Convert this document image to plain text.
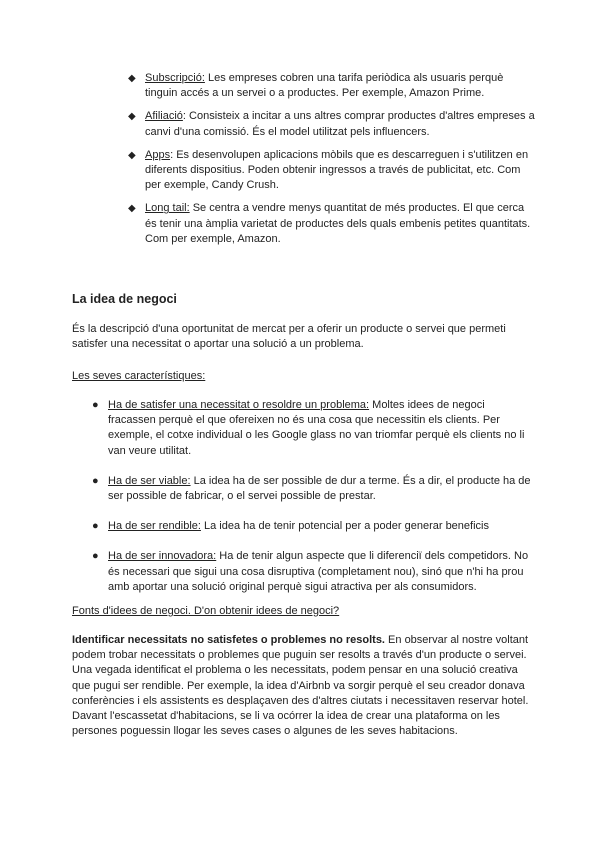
◆ Subscripció: Les empreses cobren una tarifa periòdica als usuaris perquè tinguin accés a un servei o a productes. Per exemple, Amazon Prime.
◆ Afiliació: Consisteix a incitar a uns altres comprar productes d'altres empreses a canvi d'una comissió. És el model utilitzat pels influencers.
◆ Apps: Es desenvolupen aplicacions mòbils que es descarreguen i s'utilitzen en diferents dispositius. Poden obtenir ingressos a través de publicitat, etc. Com per exemple, Candy Crush.
◆ Long tail: Se centra a vendre menys quantitat de més productes. El que cerca és tenir una àmplia varietat de productes dels quals embenis petites quantitats. Com per exemple, Amazon.
La idea de negoci
És la descripció d'una oportunitat de mercat per a oferir un producte o servei que permeti satisfer una necessitat o aportar una solució a un problema.
Les seves característiques:
● Ha de satisfer una necessitat o resoldre un problema: Moltes idees de negoci fracassen perquè el que ofereixen no és una cosa que necessitin els clients. Per exemple, el cotxe individual o les Google glass no van triomfar perquè els clients no li van veure utilitat.
● Ha de ser viable: La idea ha de ser possible de dur a terme. És a dir, el producte ha de ser possible de fabricar, o el servei possible de prestar.
● Ha de ser rendible: La idea ha de tenir potencial per a poder generar beneficis
● Ha de ser innovadora: Ha de tenir algun aspecte que li diferenciï dels competidors. No és necessari que sigui una cosa disruptiva (completament nou), sinó que n'hi ha prou amb aportar una solució original perquè sigui atractiva per als consumidors.
Fonts d'idees de negoci. D'on obtenir idees de negoci?
Identificar necessitats no satisfetes o problemes no resolts. En observar al nostre voltant podem trobar necessitats o problemes que puguin ser resolts a través d'un producte o servei. Una vegada identificat el problema o les necessitats, podem pensar en una solució creativa que pugui ser rendible. Per exemple, la idea d'Airbnb va sorgir perquè el seu creador donava conferències i els assistents es desplaçaven des d'altres ciutats i necessitaven reservar hotel. Davant l'escassetat d'habitacions, se li va ocórrer la idea de crear una plataforma on les persones poguessin llogar les seves cases o algunes de les seves habitacions.
